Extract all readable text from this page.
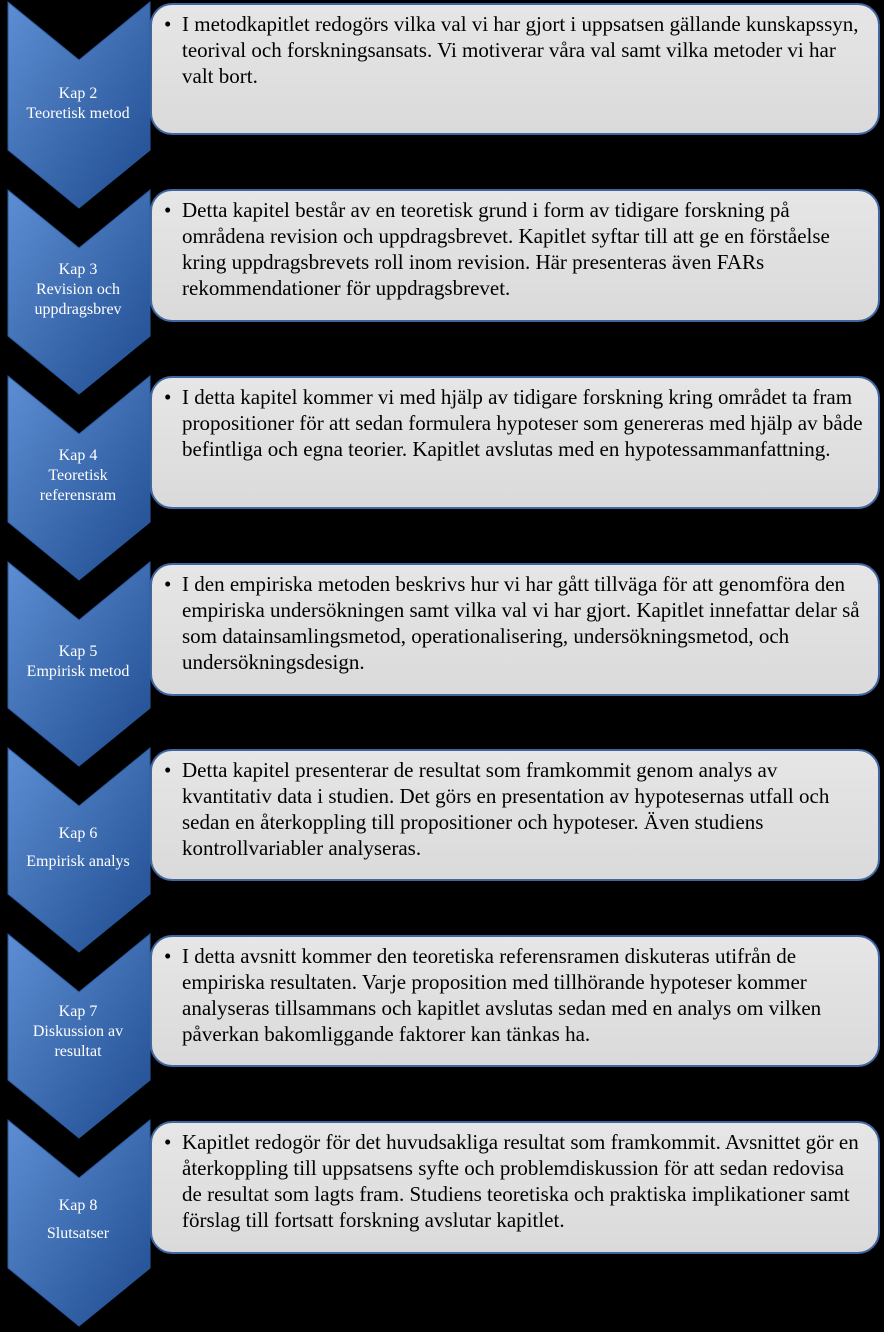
Kap 2
Teoretisk metod
Kap 3
Revision och
uppdragsbrev
Kap 4
Teoretisk
referensram
Kap 5
Empirisk metod
Kap 6
Empirisk analys
Kap 7
Diskussion av
resultat
Kap 8
Slutsatser
• I metodkapitlet redogörs vilka val vi har gjort i uppsatsen gällande kunskapssyn, teorival och forskningsansats. Vi motiverar våra val samt vilka metoder vi har valt bort.
• Detta kapitel består av en teoretisk grund i form av tidigare forskning på områdena revision och uppdragsbrevet. Kapitlet syftar till att ge en förståelse kring uppdragsbrevets roll inom revision. Här presenteras även FARs rekommendationer för uppdragsbrevet.
• I detta kapitel kommer vi med hjälp av tidigare forskning kring området ta fram propositioner för att sedan formulera hypoteser som genereras med hjälp av både befintliga och egna teorier. Kapitlet avslutas med en hypotessammanfattning.
• I den empiriska metoden beskrivs hur vi har gått tillväga för att genomföra den empiriska undersökningen samt vilka val vi har gjort. Kapitlet innefattar delar så som datainsamlingsmetod, operationalisering, undersökningsmetod, och undersökningsdesign.
• Detta kapitel presenterar de resultat som framkommit genom analys av kvantitativ data i studien. Det görs en presentation av hypotesernas utfall och sedan en återkoppling till propositioner och hypoteser. Även studiens kontrollvariabler analyseras.
• I detta avsnitt kommer den teoretiska referensramen diskuteras utifrån de empiriska resultaten. Varje proposition med tillhörande hypoteser kommer analyseras tillsammans och kapitlet avslutas sedan med en analys om vilken påverkan bakomliggande faktorer kan tänkas ha.
• Kapitlet redogör för det huvudsakliga resultat som framkommit. Avsnittet gör en återkoppling till uppsatsens syfte och problemdiskussion för att sedan redovisa de resultat som lagts fram. Studiens teoretiska och praktiska implikationer samt förslag till fortsatt forskning avslutar kapitlet.
